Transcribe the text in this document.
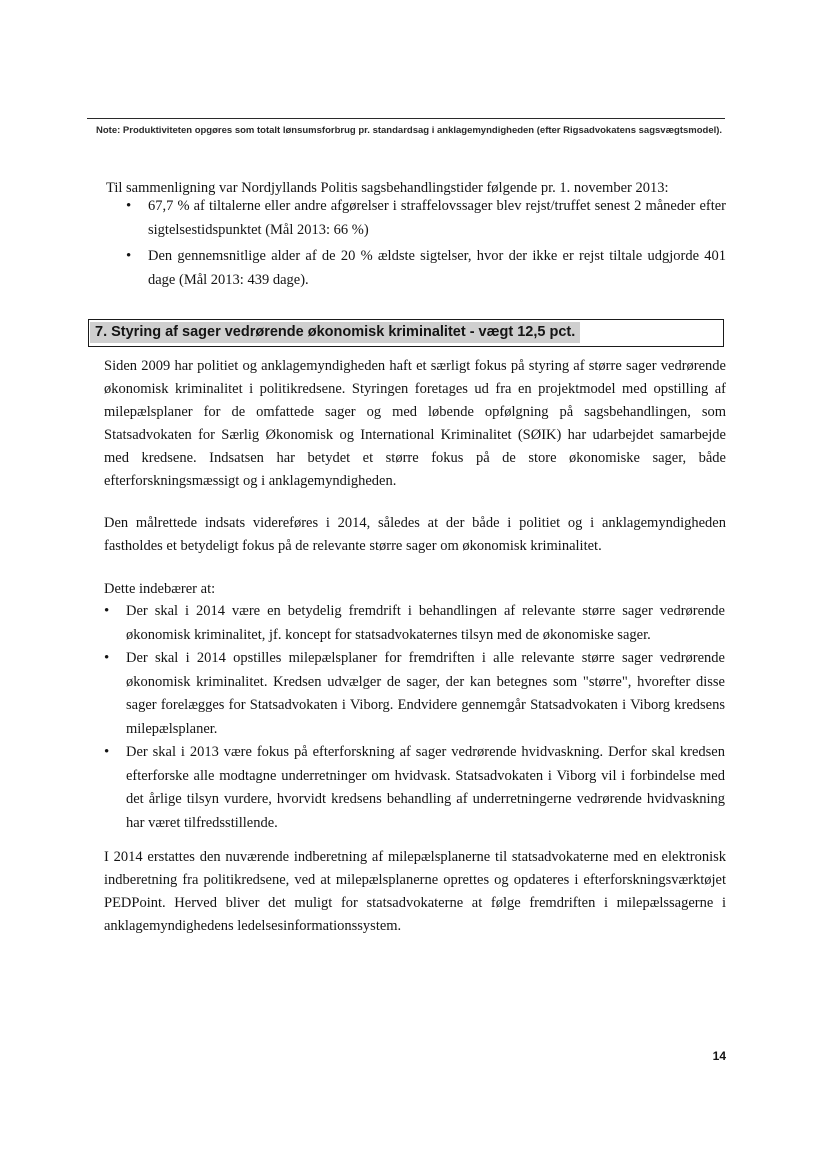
Note: Produktiviteten opgøres som totalt lønsumsforbrug pr. standardsag i anklagemyndigheden (efter Rigsadvokatens sagsvægtsmodel).
Til sammenligning var Nordjyllands Politis sagsbehandlingstider følgende pr. 1. november 2013:
• 67,7 % af tiltalerne eller andre afgørelser i straffelovssager blev rejst/truffet senest 2 måneder efter sigtelsestidspunktet (Mål 2013: 66 %)
• Den gennemsnitlige alder af de 20 % ældste sigtelser, hvor der ikke er rejst tiltale udgjorde 401 dage (Mål 2013: 439 dage).
7. Styring af sager vedrørende økonomisk kriminalitet - vægt 12,5 pct.

Siden 2009 har politiet og anklagemyndigheden haft et særligt fokus på styring af større sager vedrørende økonomisk kriminalitet i politikredsene. Styringen foretages ud fra en projektmodel med opstilling af milepælsplaner for de omfattede sager og med løbende opfølgning på sagsbehandlingen, som Statsadvokaten for Særlig Økonomisk og International Kriminalitet (SØIK) har udarbejdet samarbejde med kredsene. Indsatsen har betydet et større fokus på de store økonomiske sager, både efterforskningsmæssigt og i anklagemyndigheden.

Den målrettede indsats videreføres i 2014, således at der både i politiet og i anklagemyndigheden fastholdes et betydeligt fokus på de relevante større sager om økonomisk kriminalitet.

Dette indebærer at:

• Der skal i 2014 være en betydelig fremdrift i behandlingen af relevante større sager vedrørende økonomisk kriminalitet, jf. koncept for statsadvokaternes tilsyn med de økonomiske sager.
• Der skal i 2014 opstilles milepælsplaner for fremdriften i alle relevante større sager vedrørende økonomisk kriminalitet. Kredsen udvælger de sager, der kan betegnes som "større", hvorefter disse sager forelægges for Statsadvokaten i Viborg. Endvidere gennemgår Statsadvokaten i Viborg kredsens milepælsplaner.
• Der skal i 2013 være fokus på efterforskning af sager vedrørende hvidvaskning. Derfor skal kredsen efterforske alle modtagne underretninger om hvidvask. Statsadvokaten i Viborg vil i forbindelse med det årlige tilsyn vurdere, hvorvidt kredsens behandling af underretningerne vedrørende hvidvaskning har været tilfredsstillende.

I 2014 erstattes den nuværende indberetning af milepælsplanerne til statsadvokaterne med en elektronisk indberetning fra politikredsene, ved at milepælsplanerne oprettes og opdateres i efterforskningsværktøjet PEDPoint. Herved bliver det muligt for statsadvokaterne at følge fremdriften i milepælssagerne i anklagemyndighedens ledelsesinformationssystem.

14
